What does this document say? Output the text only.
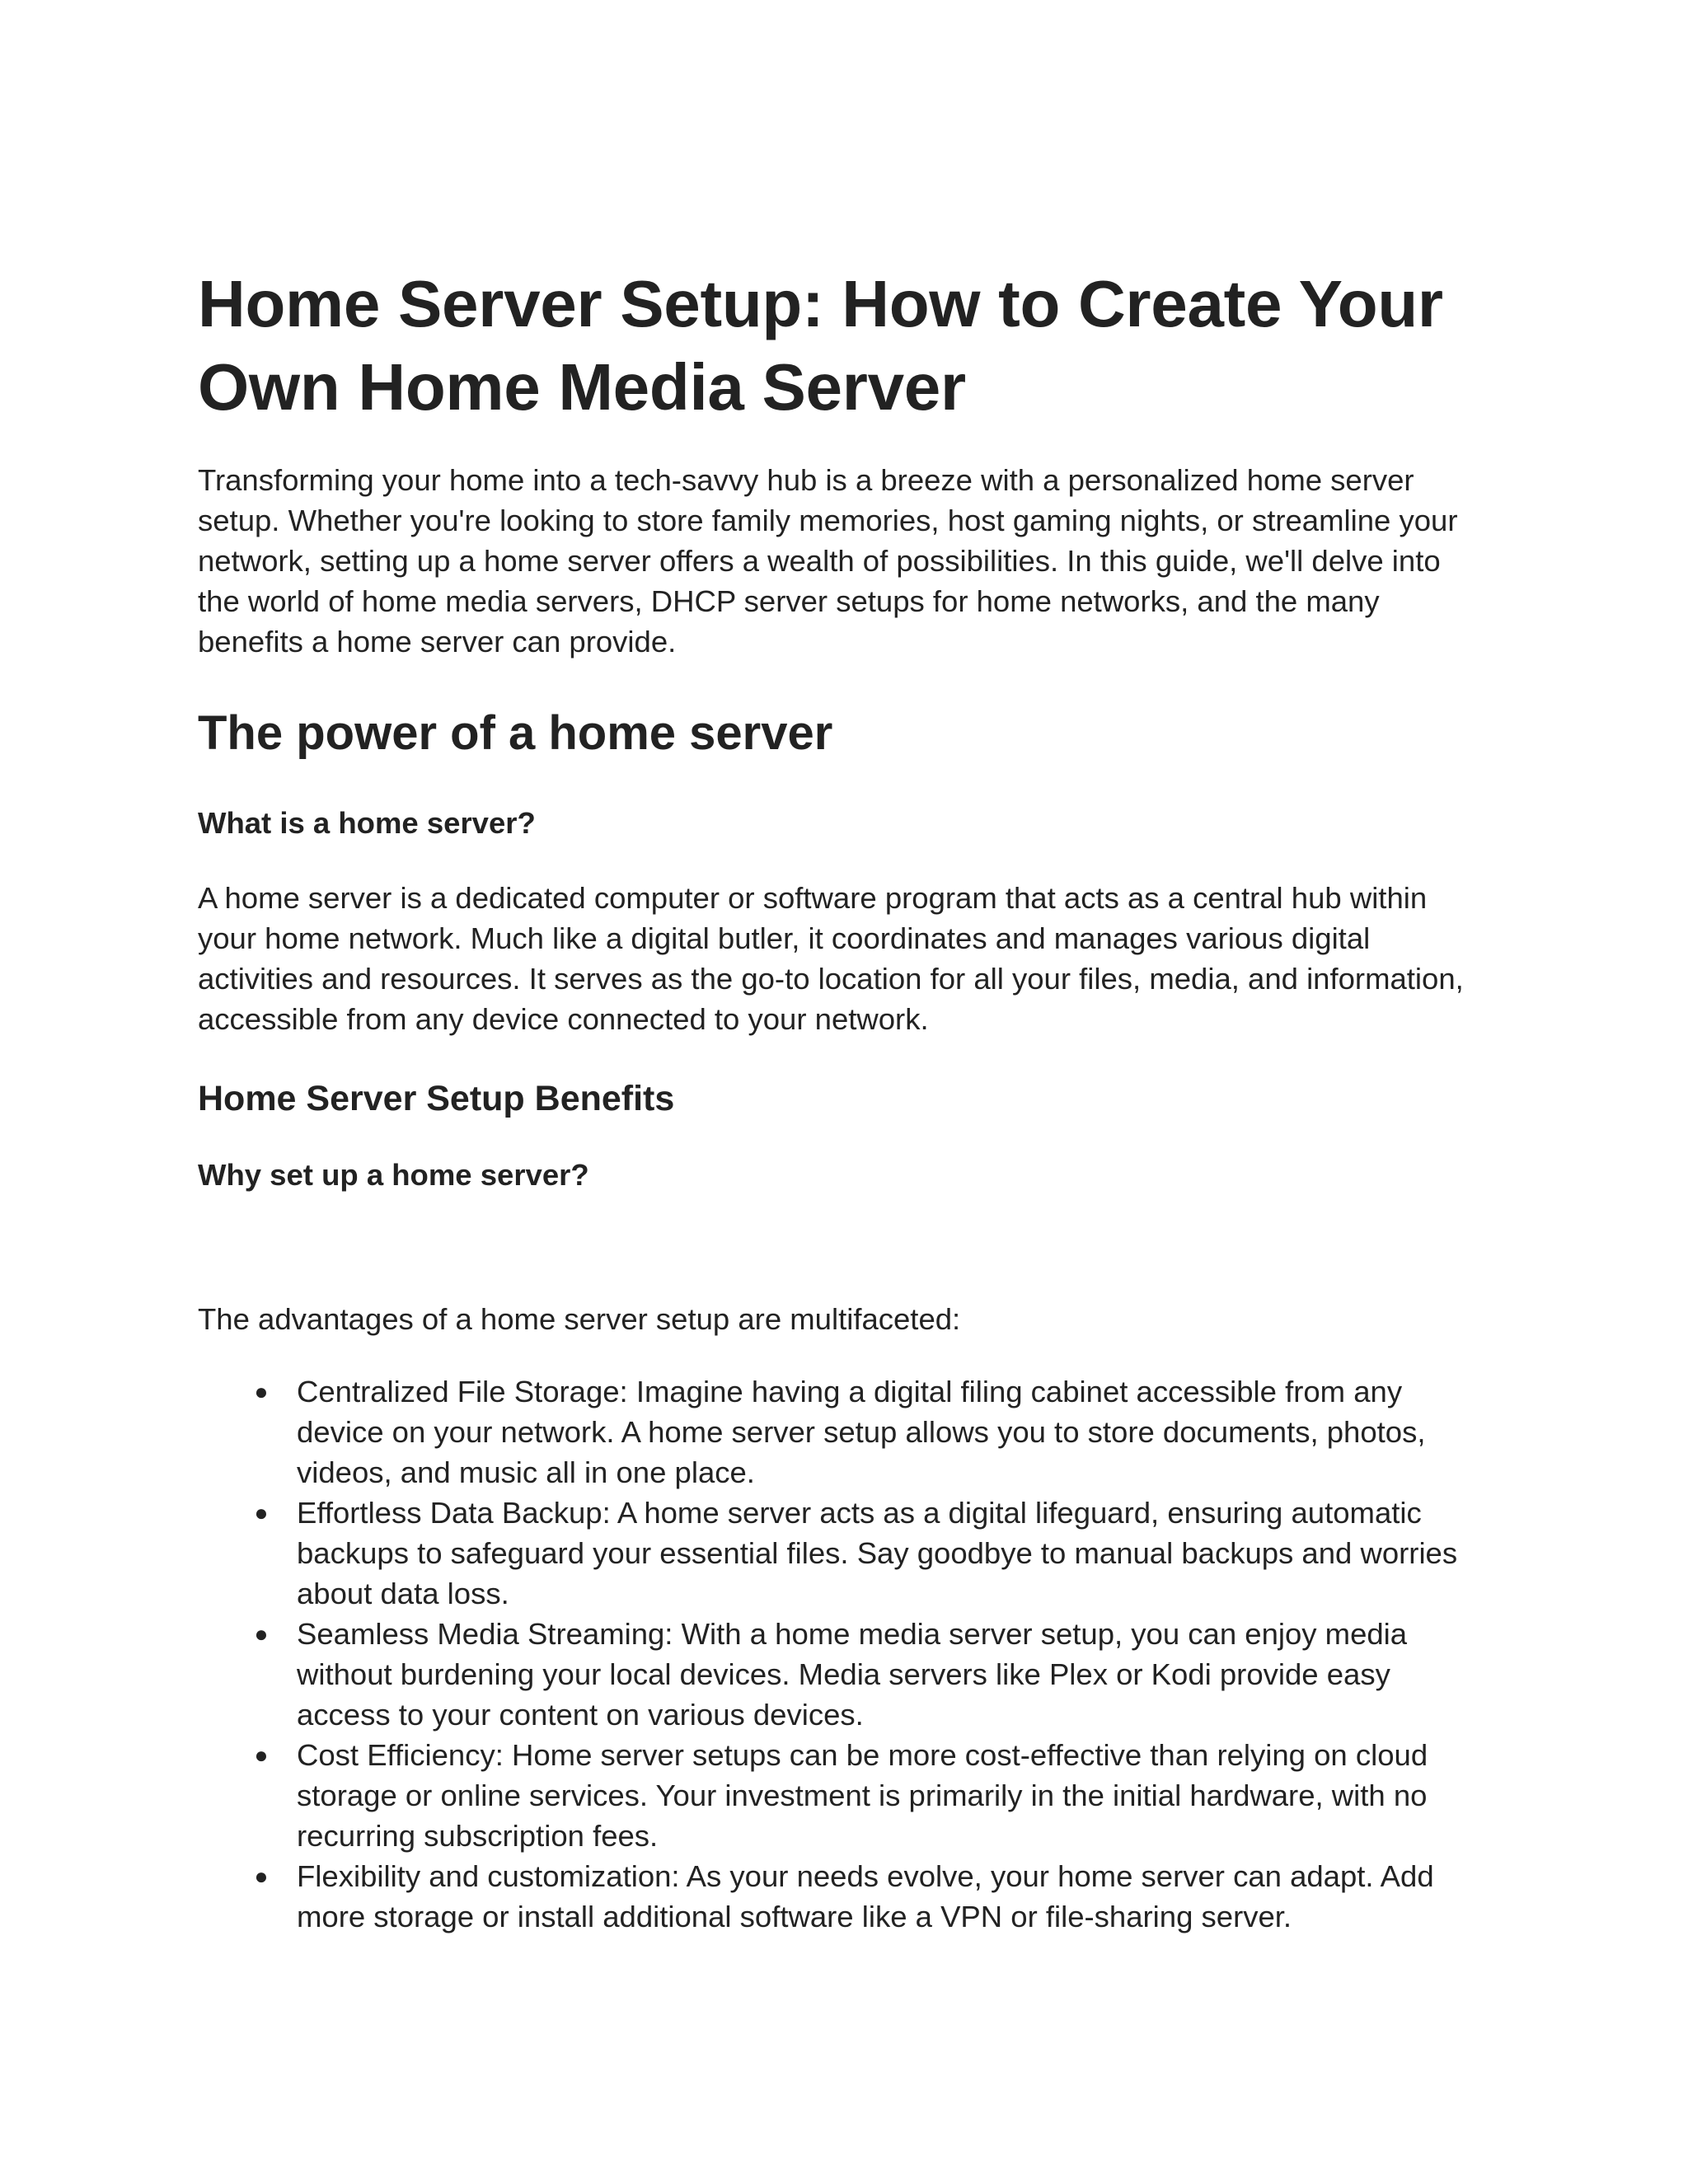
Home Server Setup: How to Create Your Own Home Media Server

Transforming your home into a tech-savvy hub is a breeze with a personalized home server setup. Whether you're looking to store family memories, host gaming nights, or streamline your network, setting up a home server offers a wealth of possibilities. In this guide, we'll delve into the world of home media servers, DHCP server setups for home networks, and the many benefits a home server can provide.

The power of a home server

What is a home server?

A home server is a dedicated computer or software program that acts as a central hub within your home network. Much like a digital butler, it coordinates and manages various digital activities and resources. It serves as the go-to location for all your files, media, and information, accessible from any device connected to your network.

Home Server Setup Benefits

Why set up a home server?

The advantages of a home server setup are multifaceted:

● Centralized File Storage: Imagine having a digital filing cabinet accessible from any device on your network. A home server setup allows you to store documents, photos, videos, and music all in one place.
● Effortless Data Backup: A home server acts as a digital lifeguard, ensuring automatic backups to safeguard your essential files. Say goodbye to manual backups and worries about data loss.
● Seamless Media Streaming: With a home media server setup, you can enjoy media without burdening your local devices. Media servers like Plex or Kodi provide easy access to your content on various devices.
● Cost Efficiency: Home server setups can be more cost-effective than relying on cloud storage or online services. Your investment is primarily in the initial hardware, with no recurring subscription fees.
● Flexibility and customization: As your needs evolve, your home server can adapt. Add more storage or install additional software like a VPN or file-sharing server.
